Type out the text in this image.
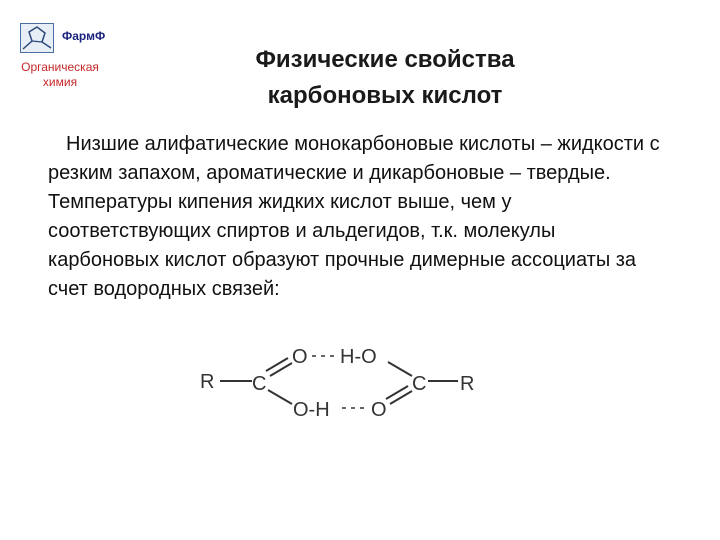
ФармФ
Органическая
химия
Физические свойства
карбоновых кислот
Низшие алифатические монокарбоновые кислоты – жидкости с резким запахом, ароматические и дикарбоновые – твердые. Температуры кипения жидких кислот выше, чем у соответствующих спиртов и альдегидов, т.к. молекулы карбоновых кислот образуют прочные димерные ассоциаты за счет водородных связей:
R C
O H-O
O-H O
C R
